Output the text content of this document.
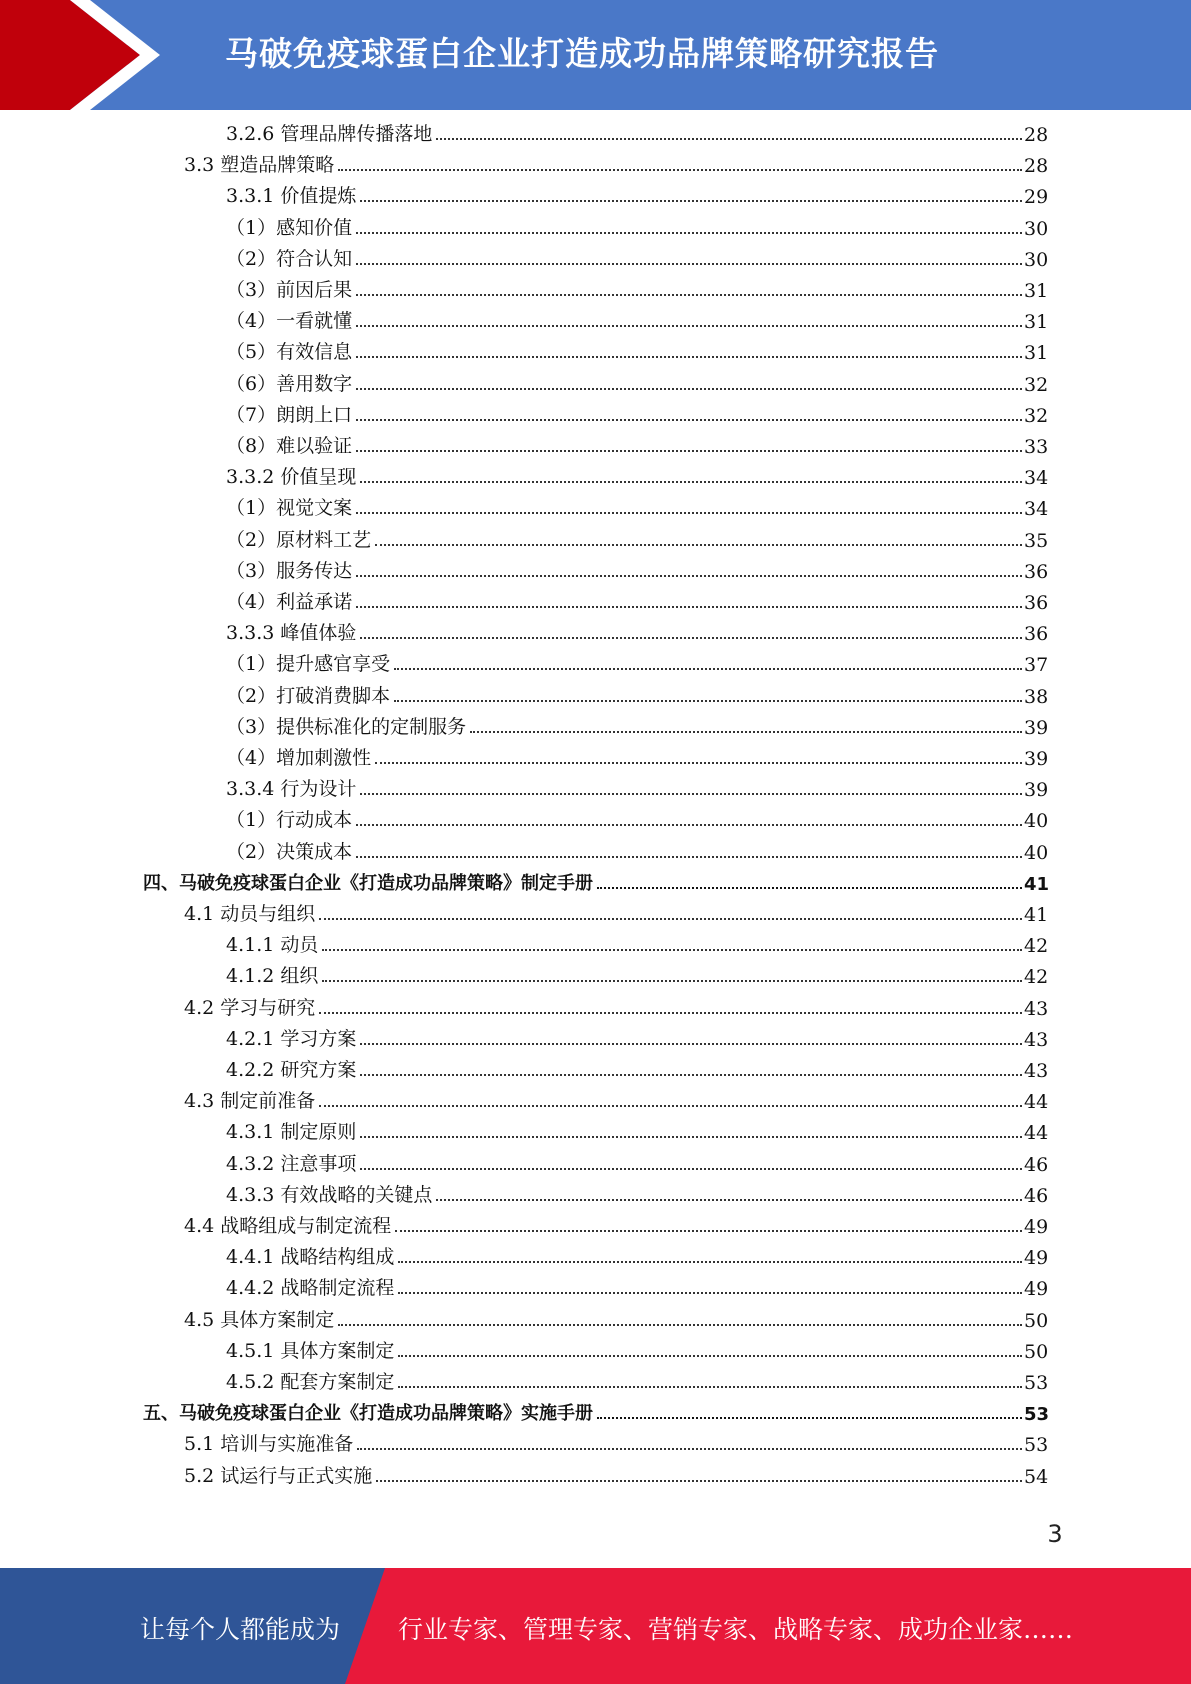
马破免疫球蛋白企业打造成功品牌策略研究报告
3.2.6 管理品牌传播落地	28
3.3 塑造品牌策略	28
3.3.1 价值提炼	29
（1）感知价值	30
（2）符合认知	30
（3）前因后果	31
（4）一看就懂	31
（5）有效信息	31
（6）善用数字	32
（7）朗朗上口	32
（8）难以验证	33
3.3.2 价值呈现	34
（1）视觉文案	34
（2）原材料工艺	35
（3）服务传达	36
（4）利益承诺	36
3.3.3 峰值体验	36
（1）提升感官享受	37
（2）打破消费脚本	38
（3）提供标准化的定制服务	39
（4）增加刺激性	39
3.3.4 行为设计	39
（1）行动成本	40
（2）决策成本	40
四、马破免疫球蛋白企业《打造成功品牌策略》制定手册	41
4.1 动员与组织	41
4.1.1 动员	42
4.1.2 组织	42
4.2 学习与研究	43
4.2.1 学习方案	43
4.2.2 研究方案	43
4.3 制定前准备	44
4.3.1 制定原则	44
4.3.2 注意事项	46
4.3.3 有效战略的关键点	46
4.4 战略组成与制定流程	49
4.4.1 战略结构组成	49
4.4.2 战略制定流程	49
4.5 具体方案制定	50
4.5.1 具体方案制定	50
4.5.2 配套方案制定	53
五、马破免疫球蛋白企业《打造成功品牌策略》实施手册	53
5.1 培训与实施准备	53
5.2 试运行与正式实施	54
3
让每个人都能成为 行业专家、管理专家、营销专家、战略专家、成功企业家……
